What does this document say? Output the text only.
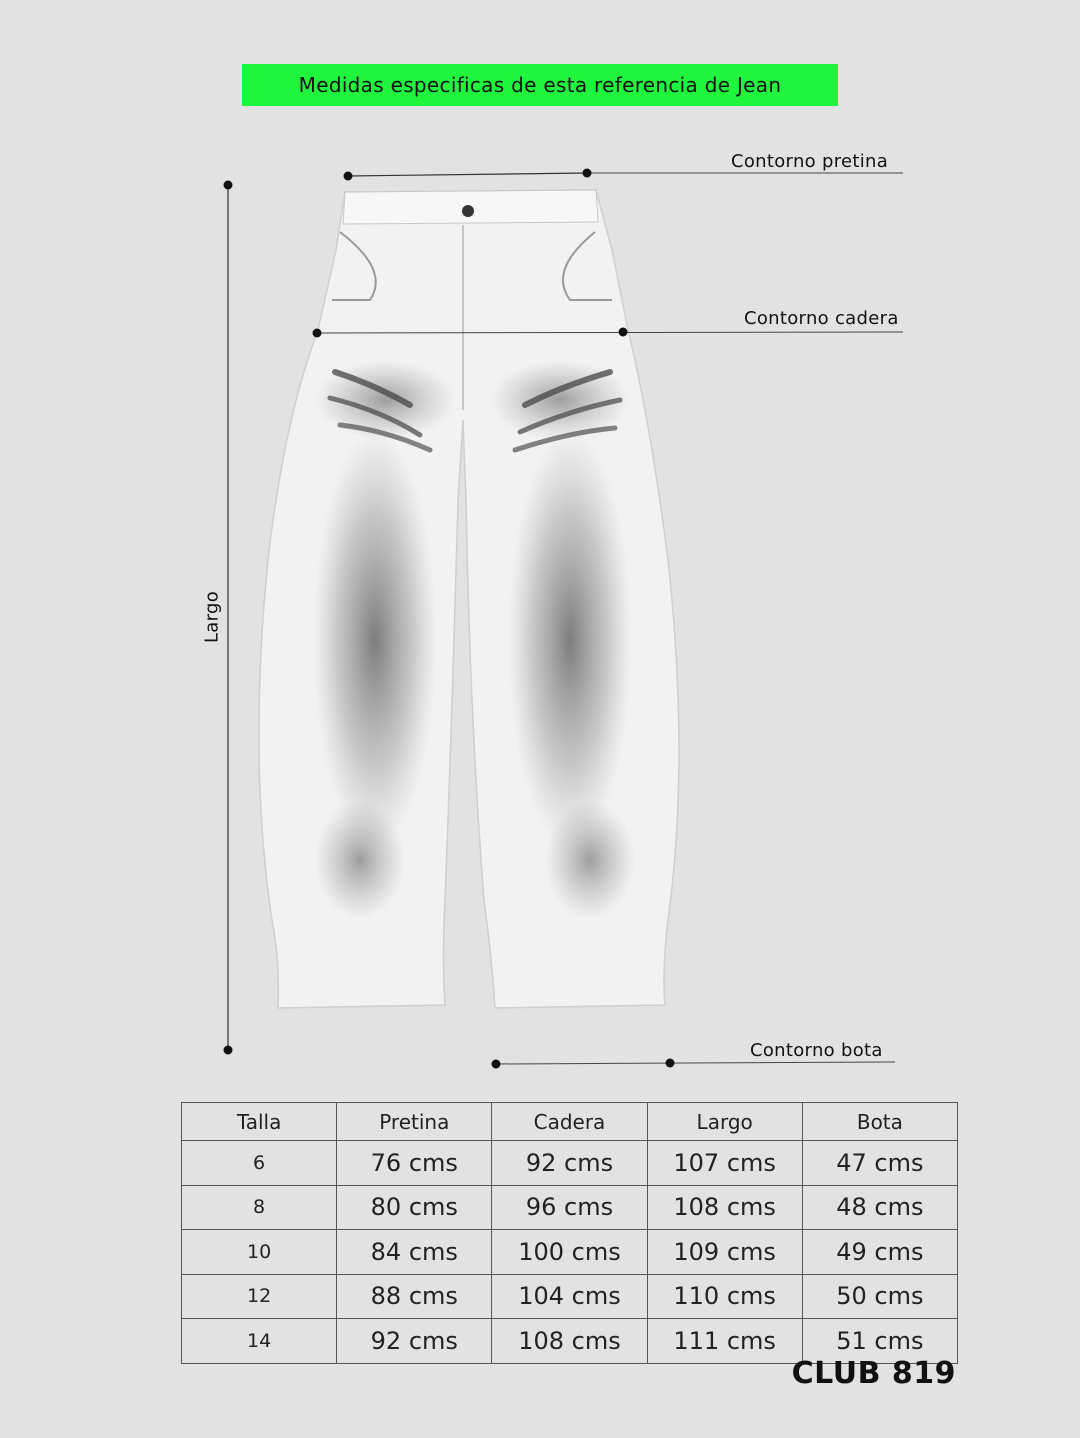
Medidas especificas de esta referencia de Jean
Contorno pretina
Contorno cadera
Largo
Contorno bota
Talla	Pretina	Cadera	Largo	Bota
6	76 cms	92 cms	107 cms	47 cms
8	80 cms	96 cms	108 cms	48 cms
10	84 cms	100 cms	109 cms	49 cms
12	88 cms	104 cms	110 cms	50 cms
14	92 cms	108 cms	111 cms	51 cms
CLUB 819
